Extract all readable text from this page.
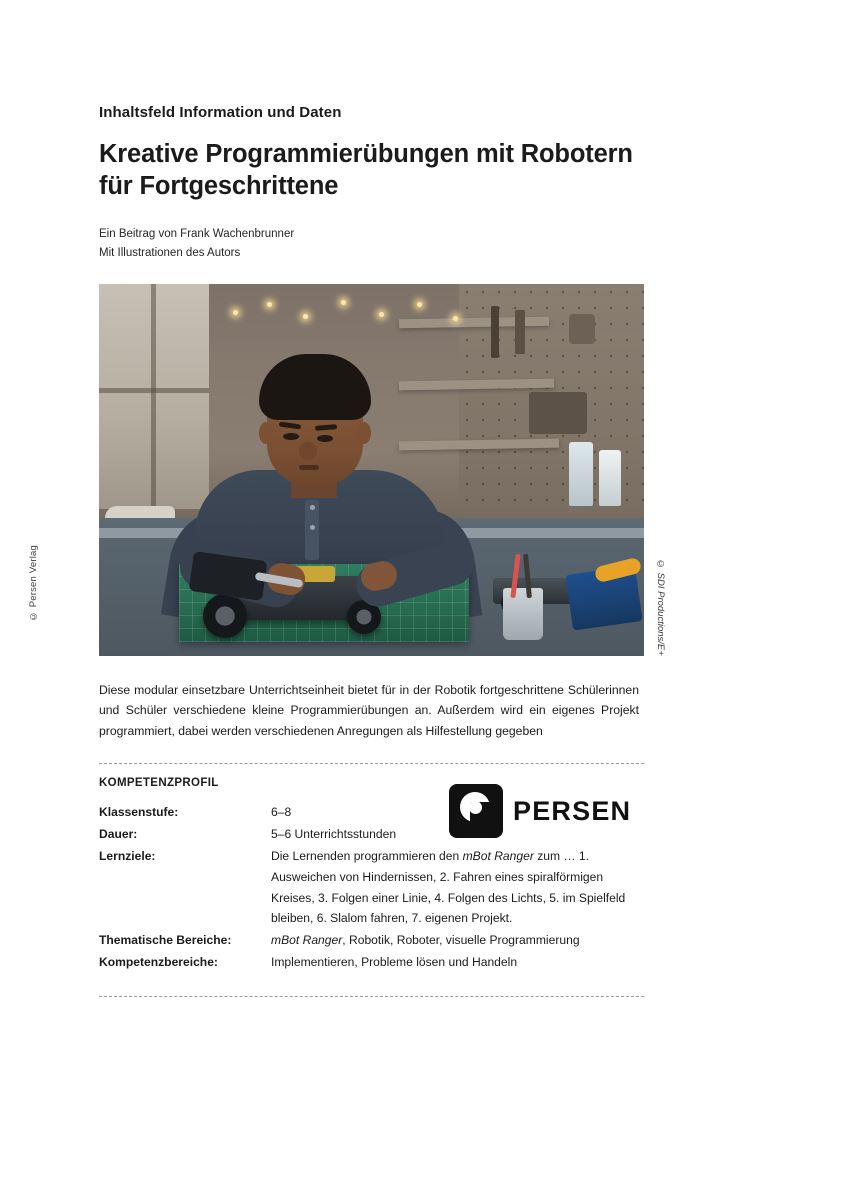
© Persen Verlag
Inhaltsfeld Information und Daten
Kreative Programmierübungen mit Robotern für Fortgeschrittene
Ein Beitrag von Frank Wachenbrunner
Mit Illustrationen des Autors
© SDI Productions/E+

Diese modular einsetzbare Unterrichtseinheit bietet für in der Robotik fortgeschrittene Schülerinnen und Schüler verschiedene kleine Programmierübungen an. Außerdem wird ein eigenes Projekt programmiert, dabei werden verschiedenen Anregungen als Hilfestellung gegeben

KOMPETENZPROFIL
PERSEN
Klassenstufe:	6–8
Dauer:	5–6 Unterrichtsstunden
Lernziele:	Die Lernenden programmieren den mBot Ranger zum … 1. Ausweichen von Hindernissen, 2. Fahren eines spiralförmigen Kreises, 3. Folgen einer Linie, 4. Folgen des Lichts, 5. im Spielfeld bleiben, 6. Slalom fahren, 7. eigenen Projekt.
Thematische Bereiche:	mBot Ranger, Robotik, Roboter, visuelle Programmierung
Kompetenzbereiche:	Implementieren, Probleme lösen und Handeln
